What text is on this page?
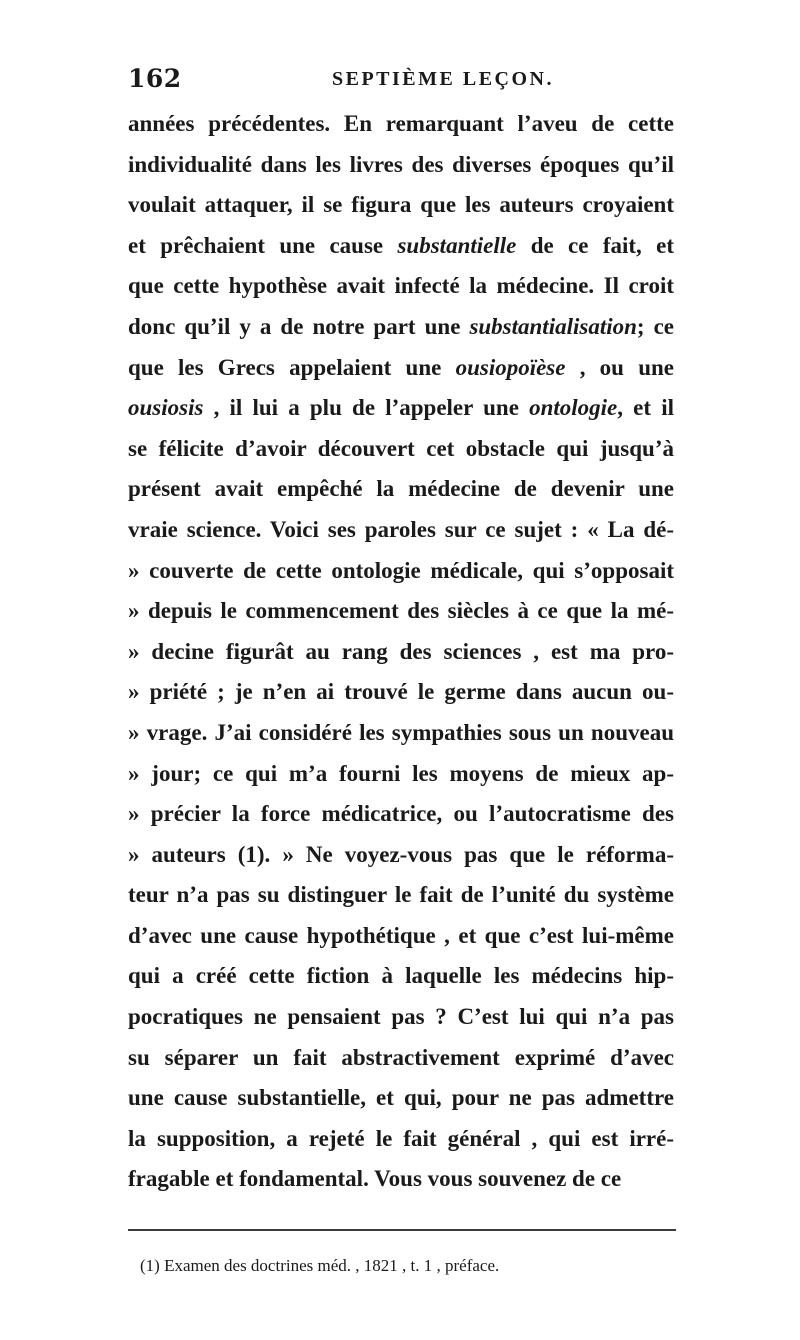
162	SEPTIÈME LEÇON.
années précédentes. En remarquant l’aveu de cette
individualité dans les livres des diverses époques qu’il
voulait attaquer, il se figura que les auteurs croyaient
et prêchaient une cause substantielle de ce fait, et
que cette hypothèse avait infecté la médecine. Il croit
donc qu’il y a de notre part une substantialisation; ce
que les Grecs appelaient une ousiopoïèse , ou une
ousiosis , il lui a plu de l’appeler une ontologie, et il
se félicite d’avoir découvert cet obstacle qui jusqu’à
présent avait empêché la médecine de devenir une
vraie science. Voici ses paroles sur ce sujet : « La dé-
» couverte de cette ontologie médicale, qui s’opposait
» depuis le commencement des siècles à ce que la mé-
» decine figurât au rang des sciences , est ma pro-
» priété ; je n’en ai trouvé le germe dans aucun ou-
» vrage. J’ai considéré les sympathies sous un nouveau
» jour; ce qui m’a fourni les moyens de mieux ap-
» précier la force médicatrice, ou l’autocratisme des
» auteurs (1). » Ne voyez-vous pas que le réforma-
teur n’a pas su distinguer le fait de l’unité du système
d’avec une cause hypothétique , et que c’est lui-même
qui a créé cette fiction à laquelle les médecins hip-
pocratiques ne pensaient pas ? C’est lui qui n’a pas
su séparer un fait abstractivement exprimé d’avec
une cause substantielle, et qui, pour ne pas admettre
la supposition, a rejeté le fait général , qui est irré-
fragable et fondamental. Vous vous souvenez de ce
(1) Examen des doctrines méd. , 1821 , t. 1 , préface.
